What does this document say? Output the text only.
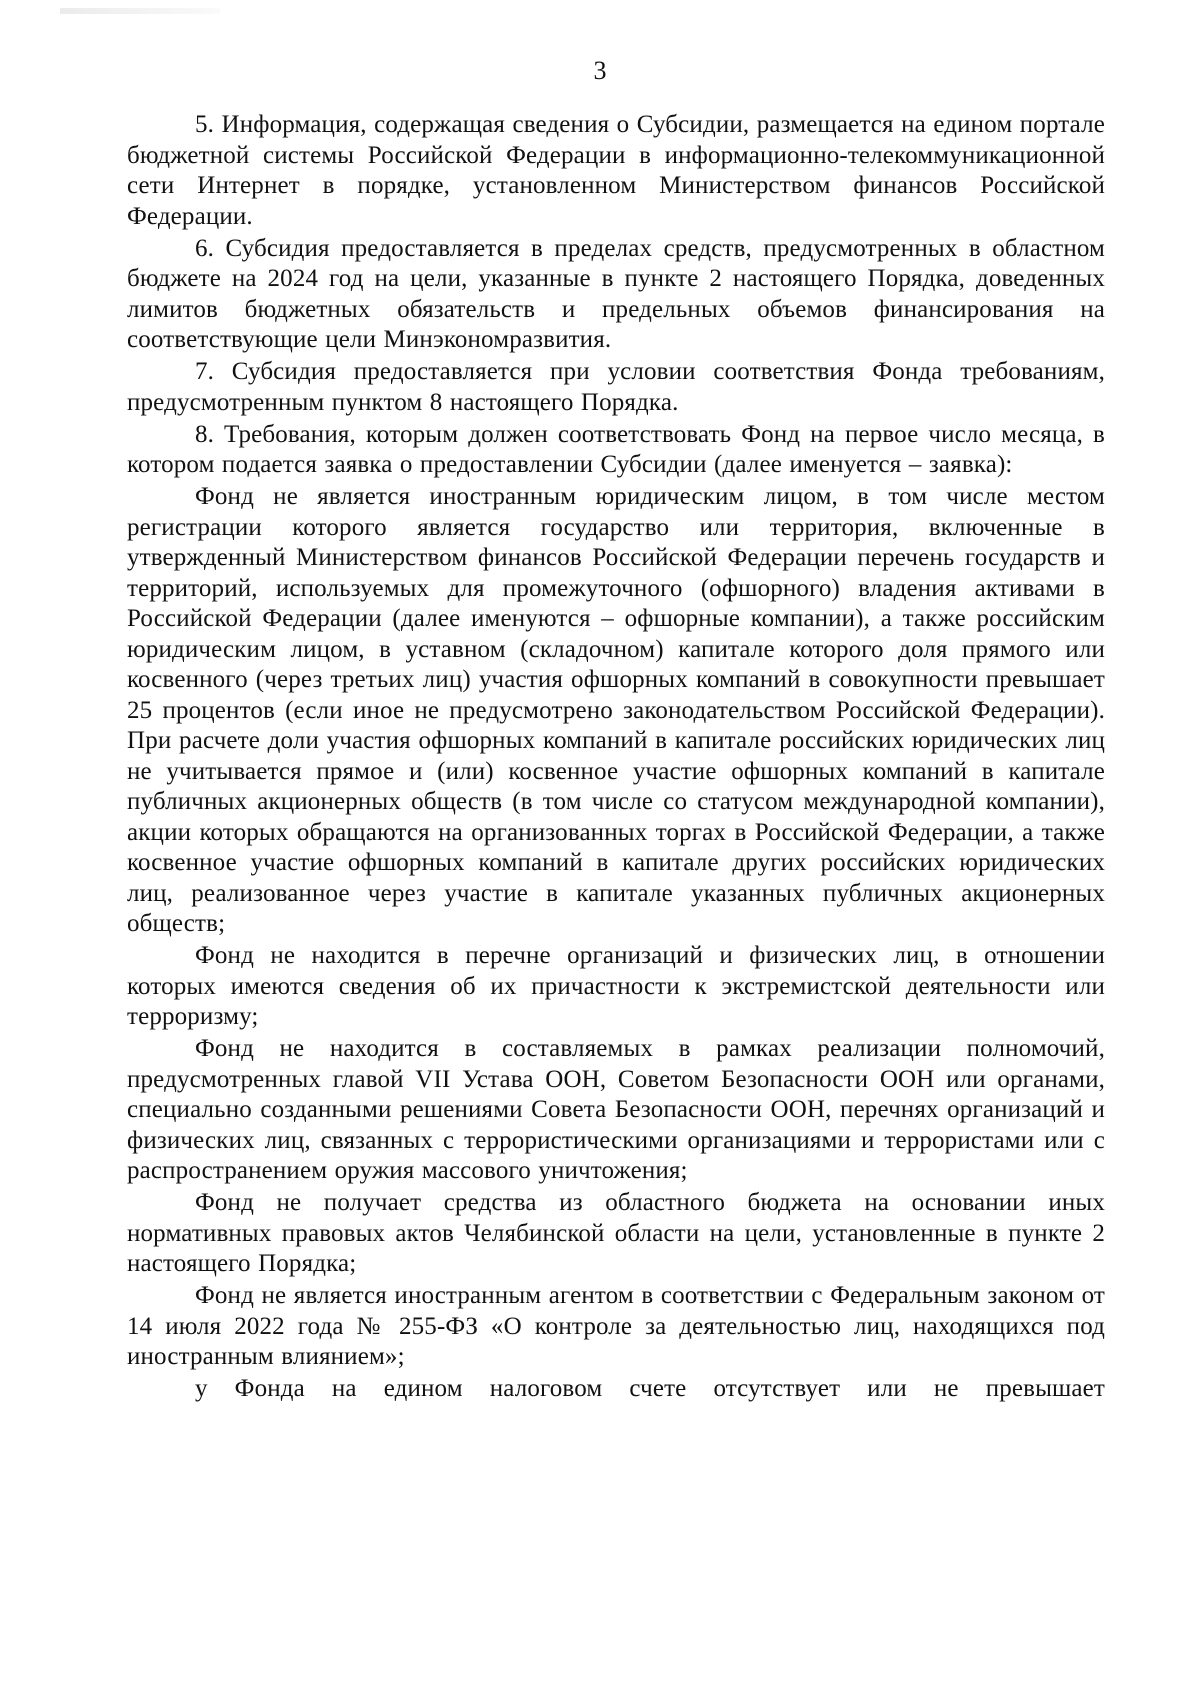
3

5. Информация, содержащая сведения о Субсидии, размещается на едином портале бюджетной системы Российской Федерации в информационно-телекоммуникационной сети Интернет в порядке, установленном Министерством финансов Российской Федерации.

6. Субсидия предоставляется в пределах средств, предусмотренных в областном бюджете на 2024 год на цели, указанные в пункте 2 настоящего Порядка, доведенных лимитов бюджетных обязательств и предельных объемов финансирования на соответствующие цели Минэкономразвития.

7. Субсидия предоставляется при условии соответствия Фонда требованиям, предусмотренным пунктом 8 настоящего Порядка.

8. Требования, которым должен соответствовать Фонд на первое число месяца, в котором подается заявка о предоставлении Субсидии (далее именуется – заявка):

Фонд не является иностранным юридическим лицом, в том числе местом регистрации которого является государство или территория, включенные в утвержденный Министерством финансов Российской Федерации перечень государств и территорий, используемых для промежуточного (офшорного) владения активами в Российской Федерации (далее именуются – офшорные компании), а также российским юридическим лицом, в уставном (складочном) капитале которого доля прямого или косвенного (через третьих лиц) участия офшорных компаний в совокупности превышает 25 процентов (если иное не предусмотрено законодательством Российской Федерации). При расчете доли участия офшорных компаний в капитале российских юридических лиц не учитывается прямое и (или) косвенное участие офшорных компаний в капитале публичных акционерных обществ (в том числе со статусом международной компании), акции которых обращаются на организованных торгах в Российской Федерации, а также косвенное участие офшорных компаний в капитале других российских юридических лиц, реализованное через участие в капитале указанных публичных акционерных обществ;

Фонд не находится в перечне организаций и физических лиц, в отношении которых имеются сведения об их причастности к экстремистской деятельности или терроризму;

Фонд не находится в составляемых в рамках реализации полномочий, предусмотренных главой VII Устава ООН, Советом Безопасности ООН или органами, специально созданными решениями Совета Безопасности ООН, перечнях организаций и физических лиц, связанных с террористическими организациями и террористами или с распространением оружия массового уничтожения;

Фонд не получает средства из областного бюджета на основании иных нормативных правовых актов Челябинской области на цели, установленные в пункте 2 настоящего Порядка;

Фонд не является иностранным агентом в соответствии с Федеральным законом от 14 июля 2022 года № 255-ФЗ «О контроле за деятельностью лиц, находящихся под иностранным влиянием»;

у Фонда на едином налоговом счете отсутствует или не превышает
